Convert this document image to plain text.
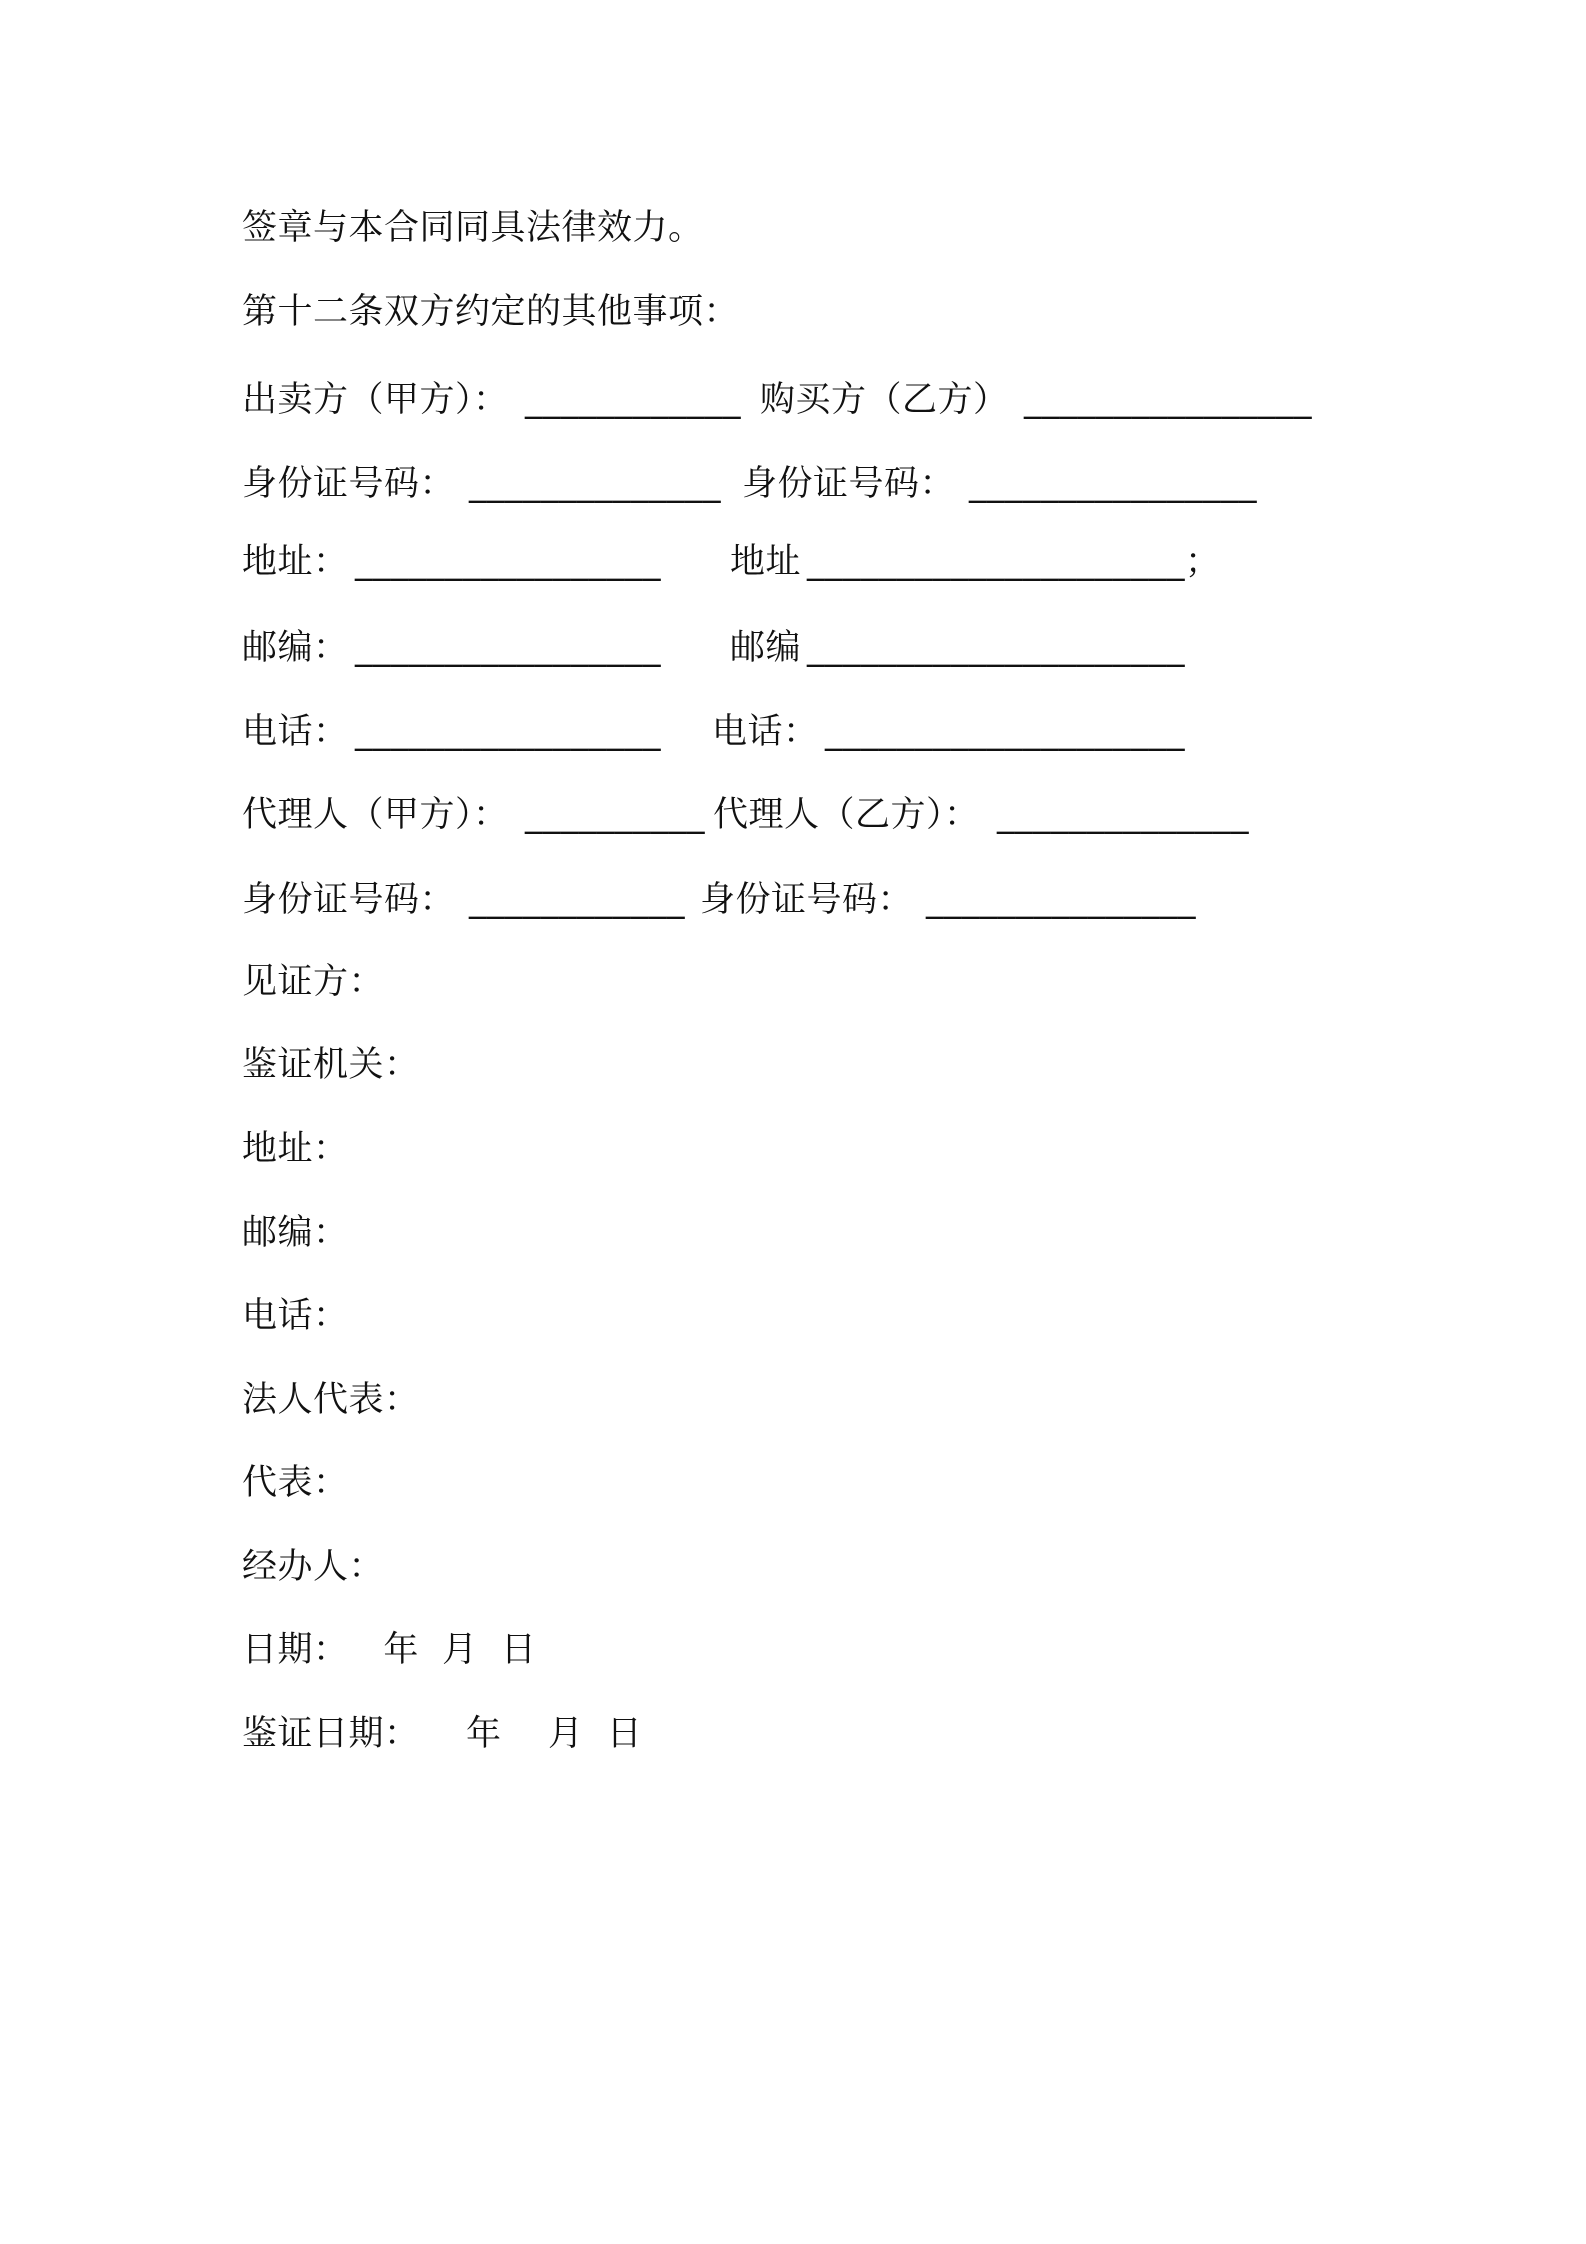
签章与本合同同具法律效力。
第十二条双方约定的其他事项：

出卖方（甲方）：

____________

购买方（乙方）

________________

身份证号码：

______________

身份证号码：

________________

地址：

_________________

地址

_____________________；

邮编：

_________________

邮编

_____________________

电话：

_________________

电话：

____________________

代理人（甲方）：

__________

代理人（乙方）：

______________

身份证号码：

____________

身份证号码：

_______________

见证方：
鉴证机关：
地址：
邮编：
电话：
法人代表：
代表：
经办人：
日期：   年  月  日
鉴证日期：    年    月  日
